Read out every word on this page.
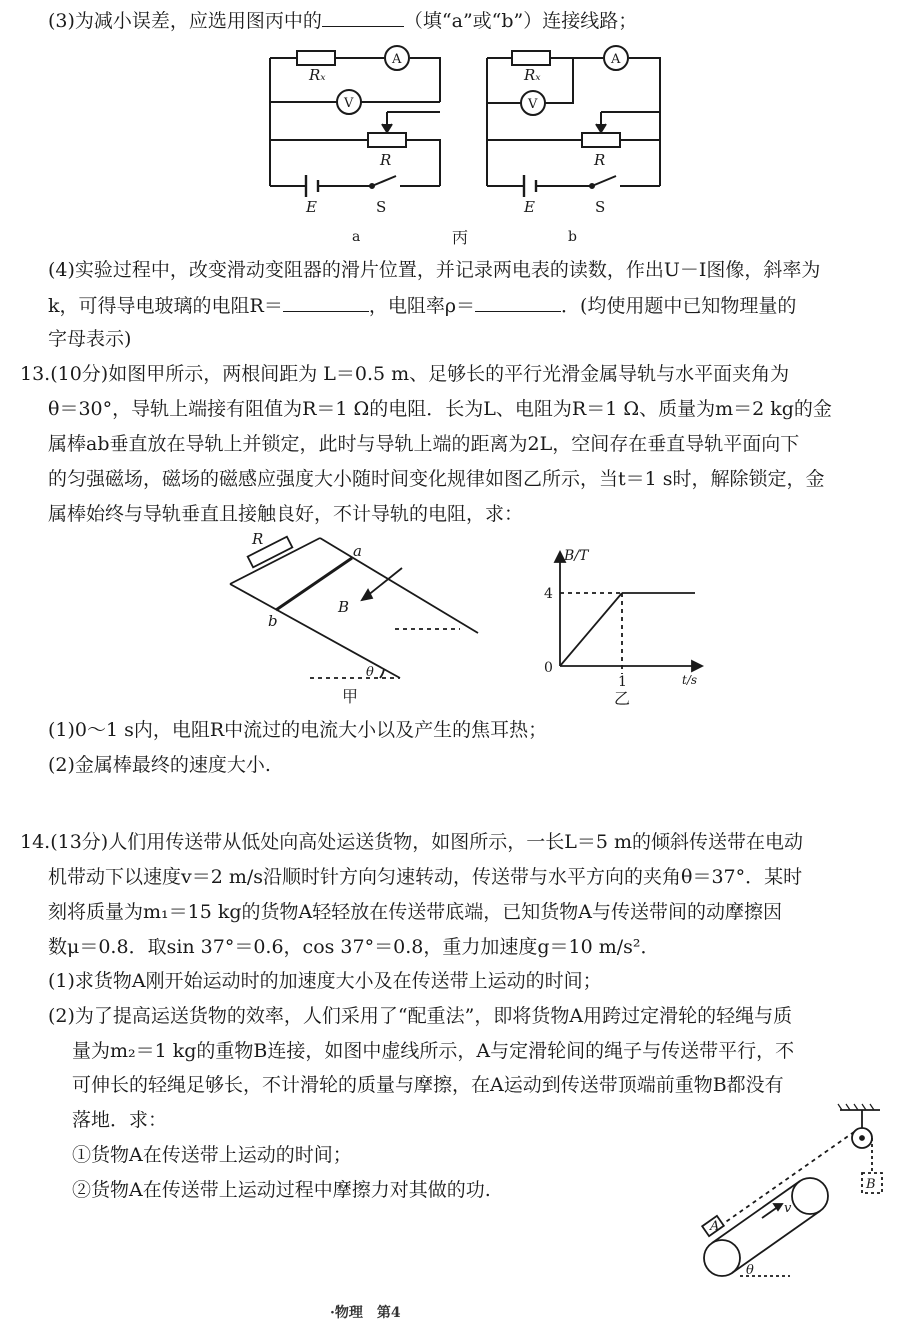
(3)为减小误差，应选用图丙中的	（填“a”或“b”）连接线路；
Rₓ
A
V
R
E	S
a
Rₓ
A
V
R
E	S
b
丙
(4)实验过程中，改变滑动变阻器的滑片位置，并记录两电表的读数，作出U－I图像，斜率为
k，可得导电玻璃的电阻R＝	，电阻率ρ＝	．(均使用题中已知物理量的
字母表示)
13.(10分)如图甲所示，两根间距为 L＝0.5 m、足够长的平行光滑金属导轨与水平面夹角为
θ＝30°，导轨上端接有阻值为R＝1 Ω的电阻．长为L、电阻为R＝1 Ω、质量为m＝2 kg的金
属棒ab垂直放在导轨上并锁定，此时与导轨上端的距离为2L，空间存在垂直导轨平面向下
的匀强磁场，磁场的磁感应强度大小随时间变化规律如图乙所示，当t＝1 s时，解除锁定，金
属棒始终与导轨垂直且接触良好，不计导轨的电阻，求：
R
a
b
B
θ
甲
B/T
t/s
0
4
1
乙
(1)0～1 s内，电阻R中流过的电流大小以及产生的焦耳热；
(2)金属棒最终的速度大小.
14.(13分)人们用传送带从低处向高处运送货物，如图所示，一长L＝5 m的倾斜传送带在电动
机带动下以速度v＝2 m/s沿顺时针方向匀速转动，传送带与水平方向的夹角θ＝37°．某时
刻将质量为m₁＝15 kg的货物A轻轻放在传送带底端，已知货物A与传送带间的动摩擦因
数μ＝0.8．取sin 37°＝0.6，cos 37°＝0.8，重力加速度g＝10 m/s²．
(1)求货物A刚开始运动时的加速度大小及在传送带上运动的时间；
(2)为了提高运送货物的效率，人们采用了“配重法”，即将货物A用跨过定滑轮的轻绳与质
量为m₂＝1 kg的重物B连接，如图中虚线所示，A与定滑轮间的绳子与传送带平行，不
可伸长的轻绳足够长，不计滑轮的质量与摩擦，在A运动到传送带顶端前重物B都没有
落地．求：
①货物A在传送带上运动的时间；
②货物A在传送带上运动过程中摩擦力对其做的功.
A
B
v
θ
·物理　第4
